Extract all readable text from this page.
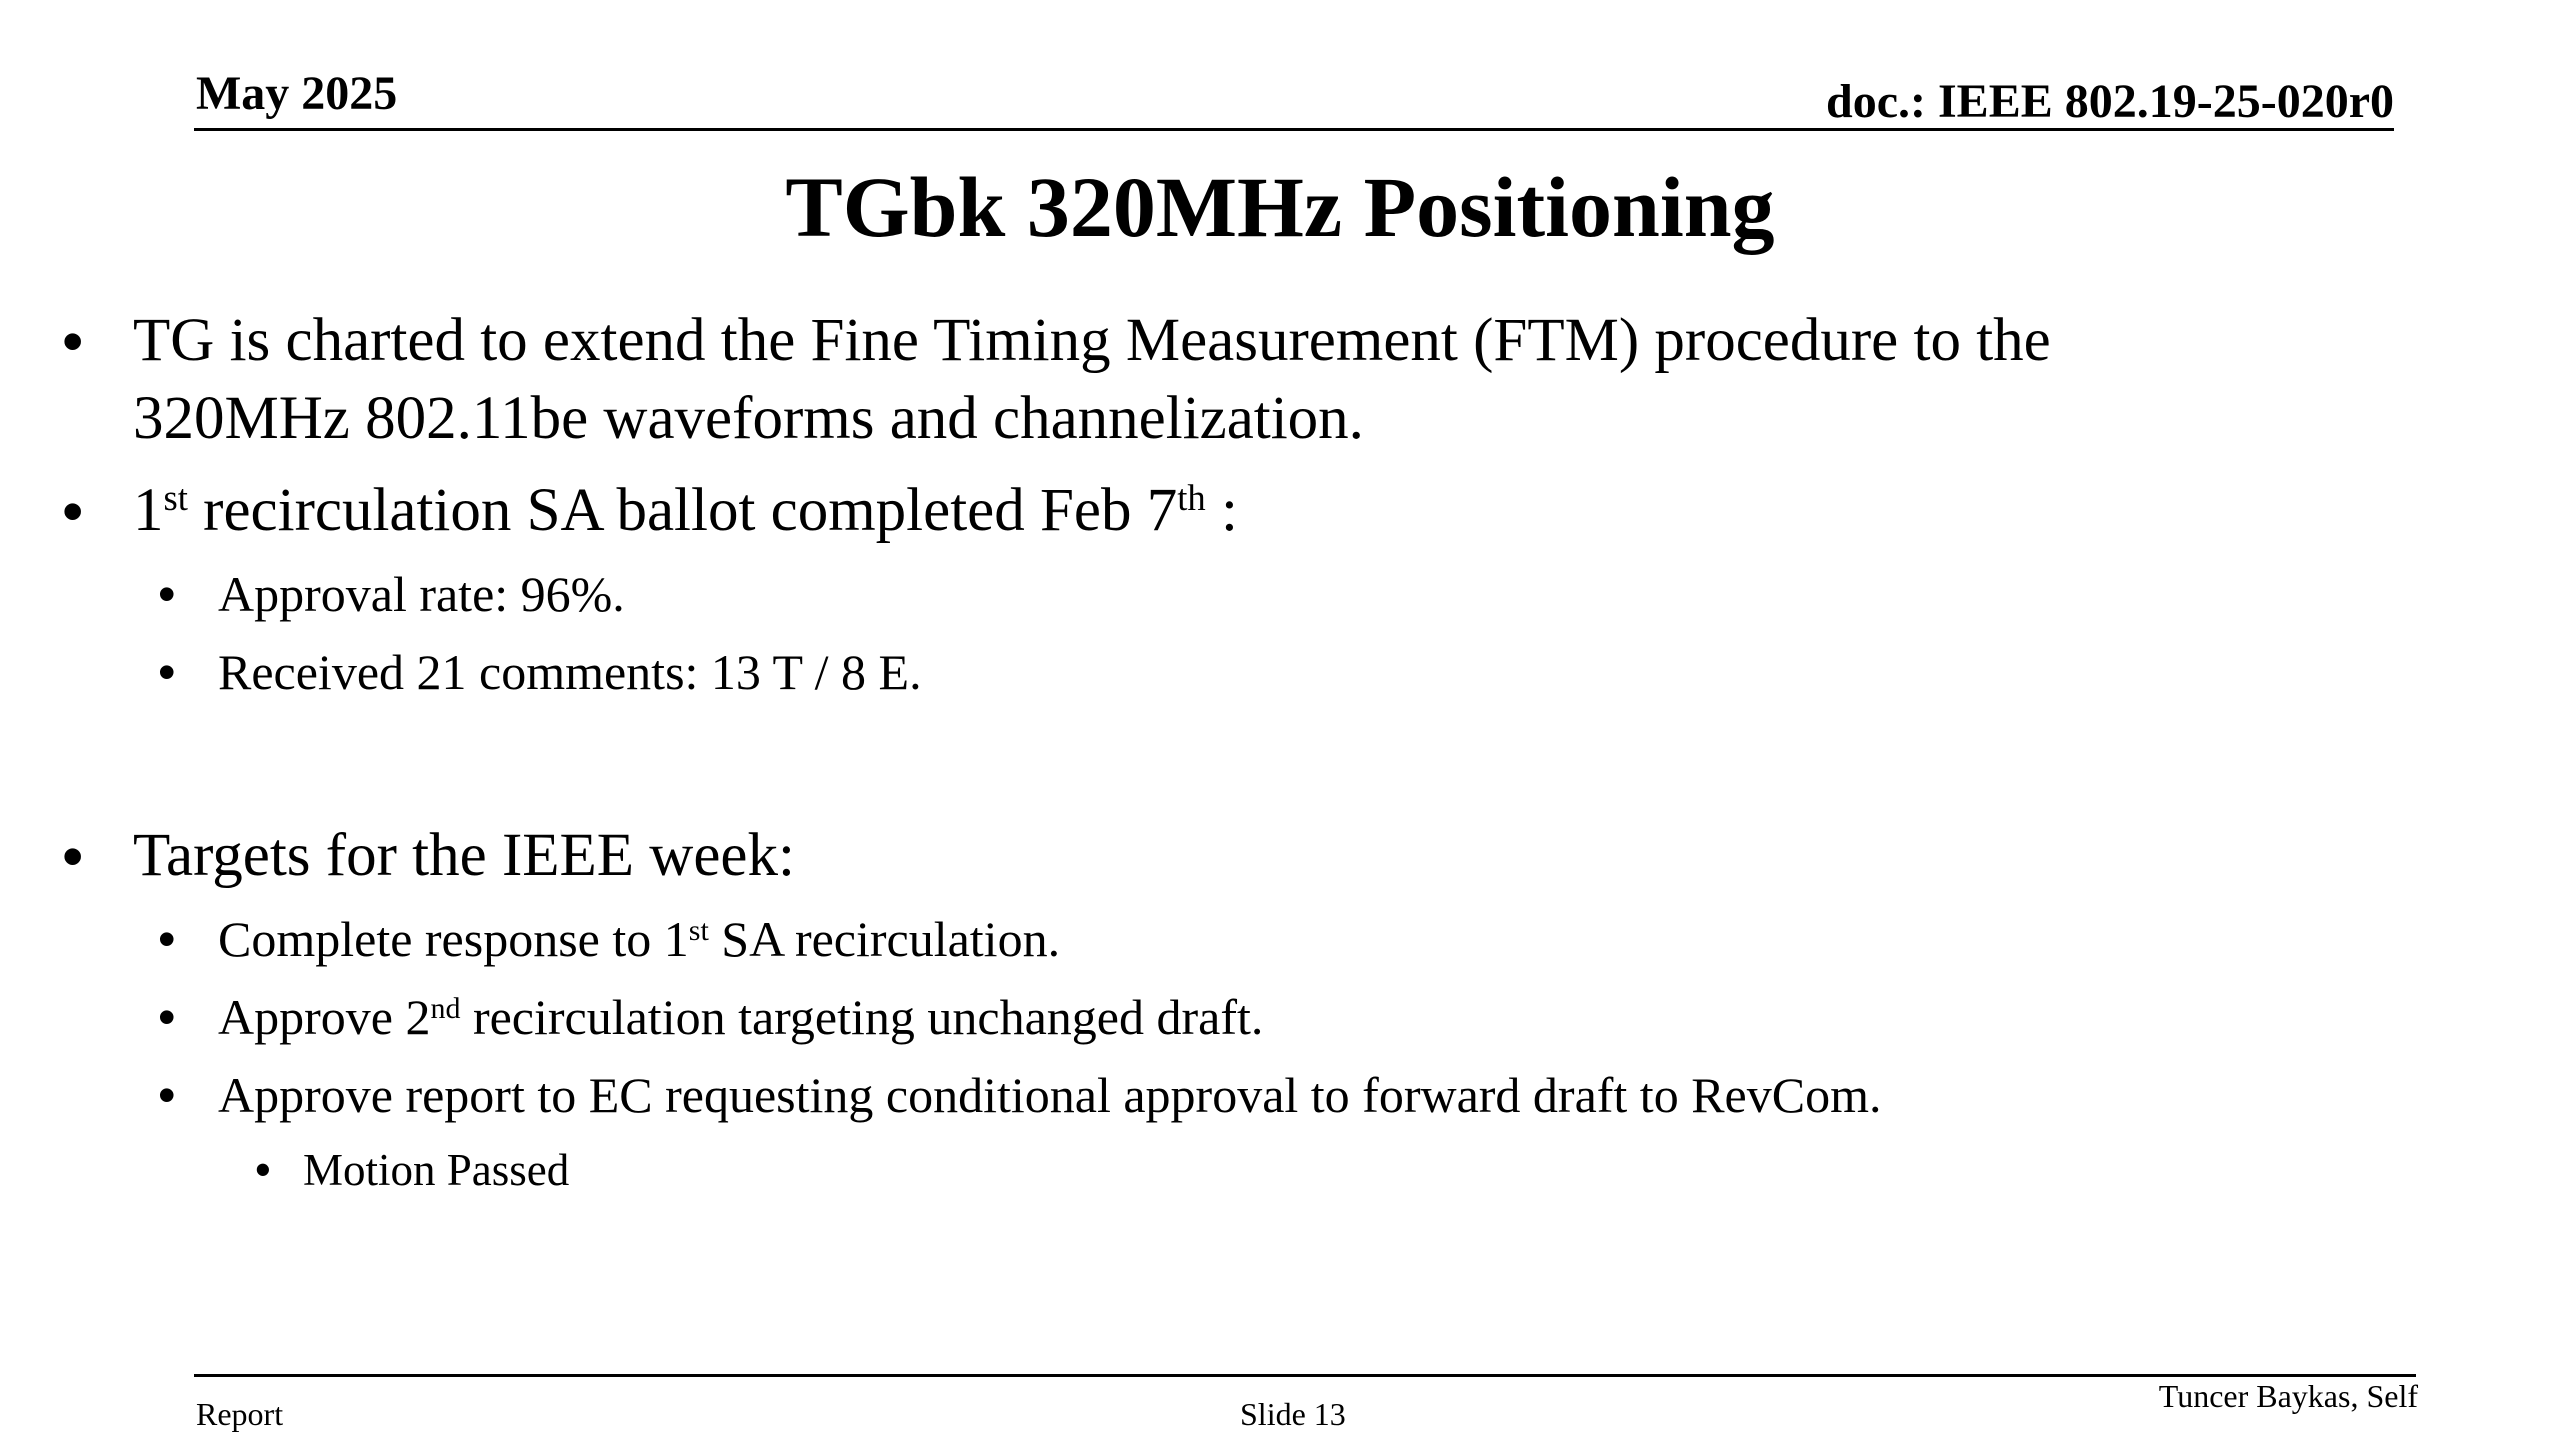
May 2025	doc.: IEEE 802.19-25-020r0
TGbk 320MHz Positioning
• TG is charted to extend the Fine Timing Measurement (FTM) procedure to the
320MHz 802.11be waveforms and channelization.
• 1st recirculation SA ballot completed Feb 7th :
• Approval rate: 96%.
• Received 21 comments: 13 T / 8 E.
• Targets for the IEEE week:
• Complete response to 1st SA recirculation.
• Approve 2nd recirculation targeting unchanged draft.
• Approve report to EC requesting conditional approval to forward draft to RevCom.
• Motion Passed
Report	Slide 13	Tuncer Baykas, Self
